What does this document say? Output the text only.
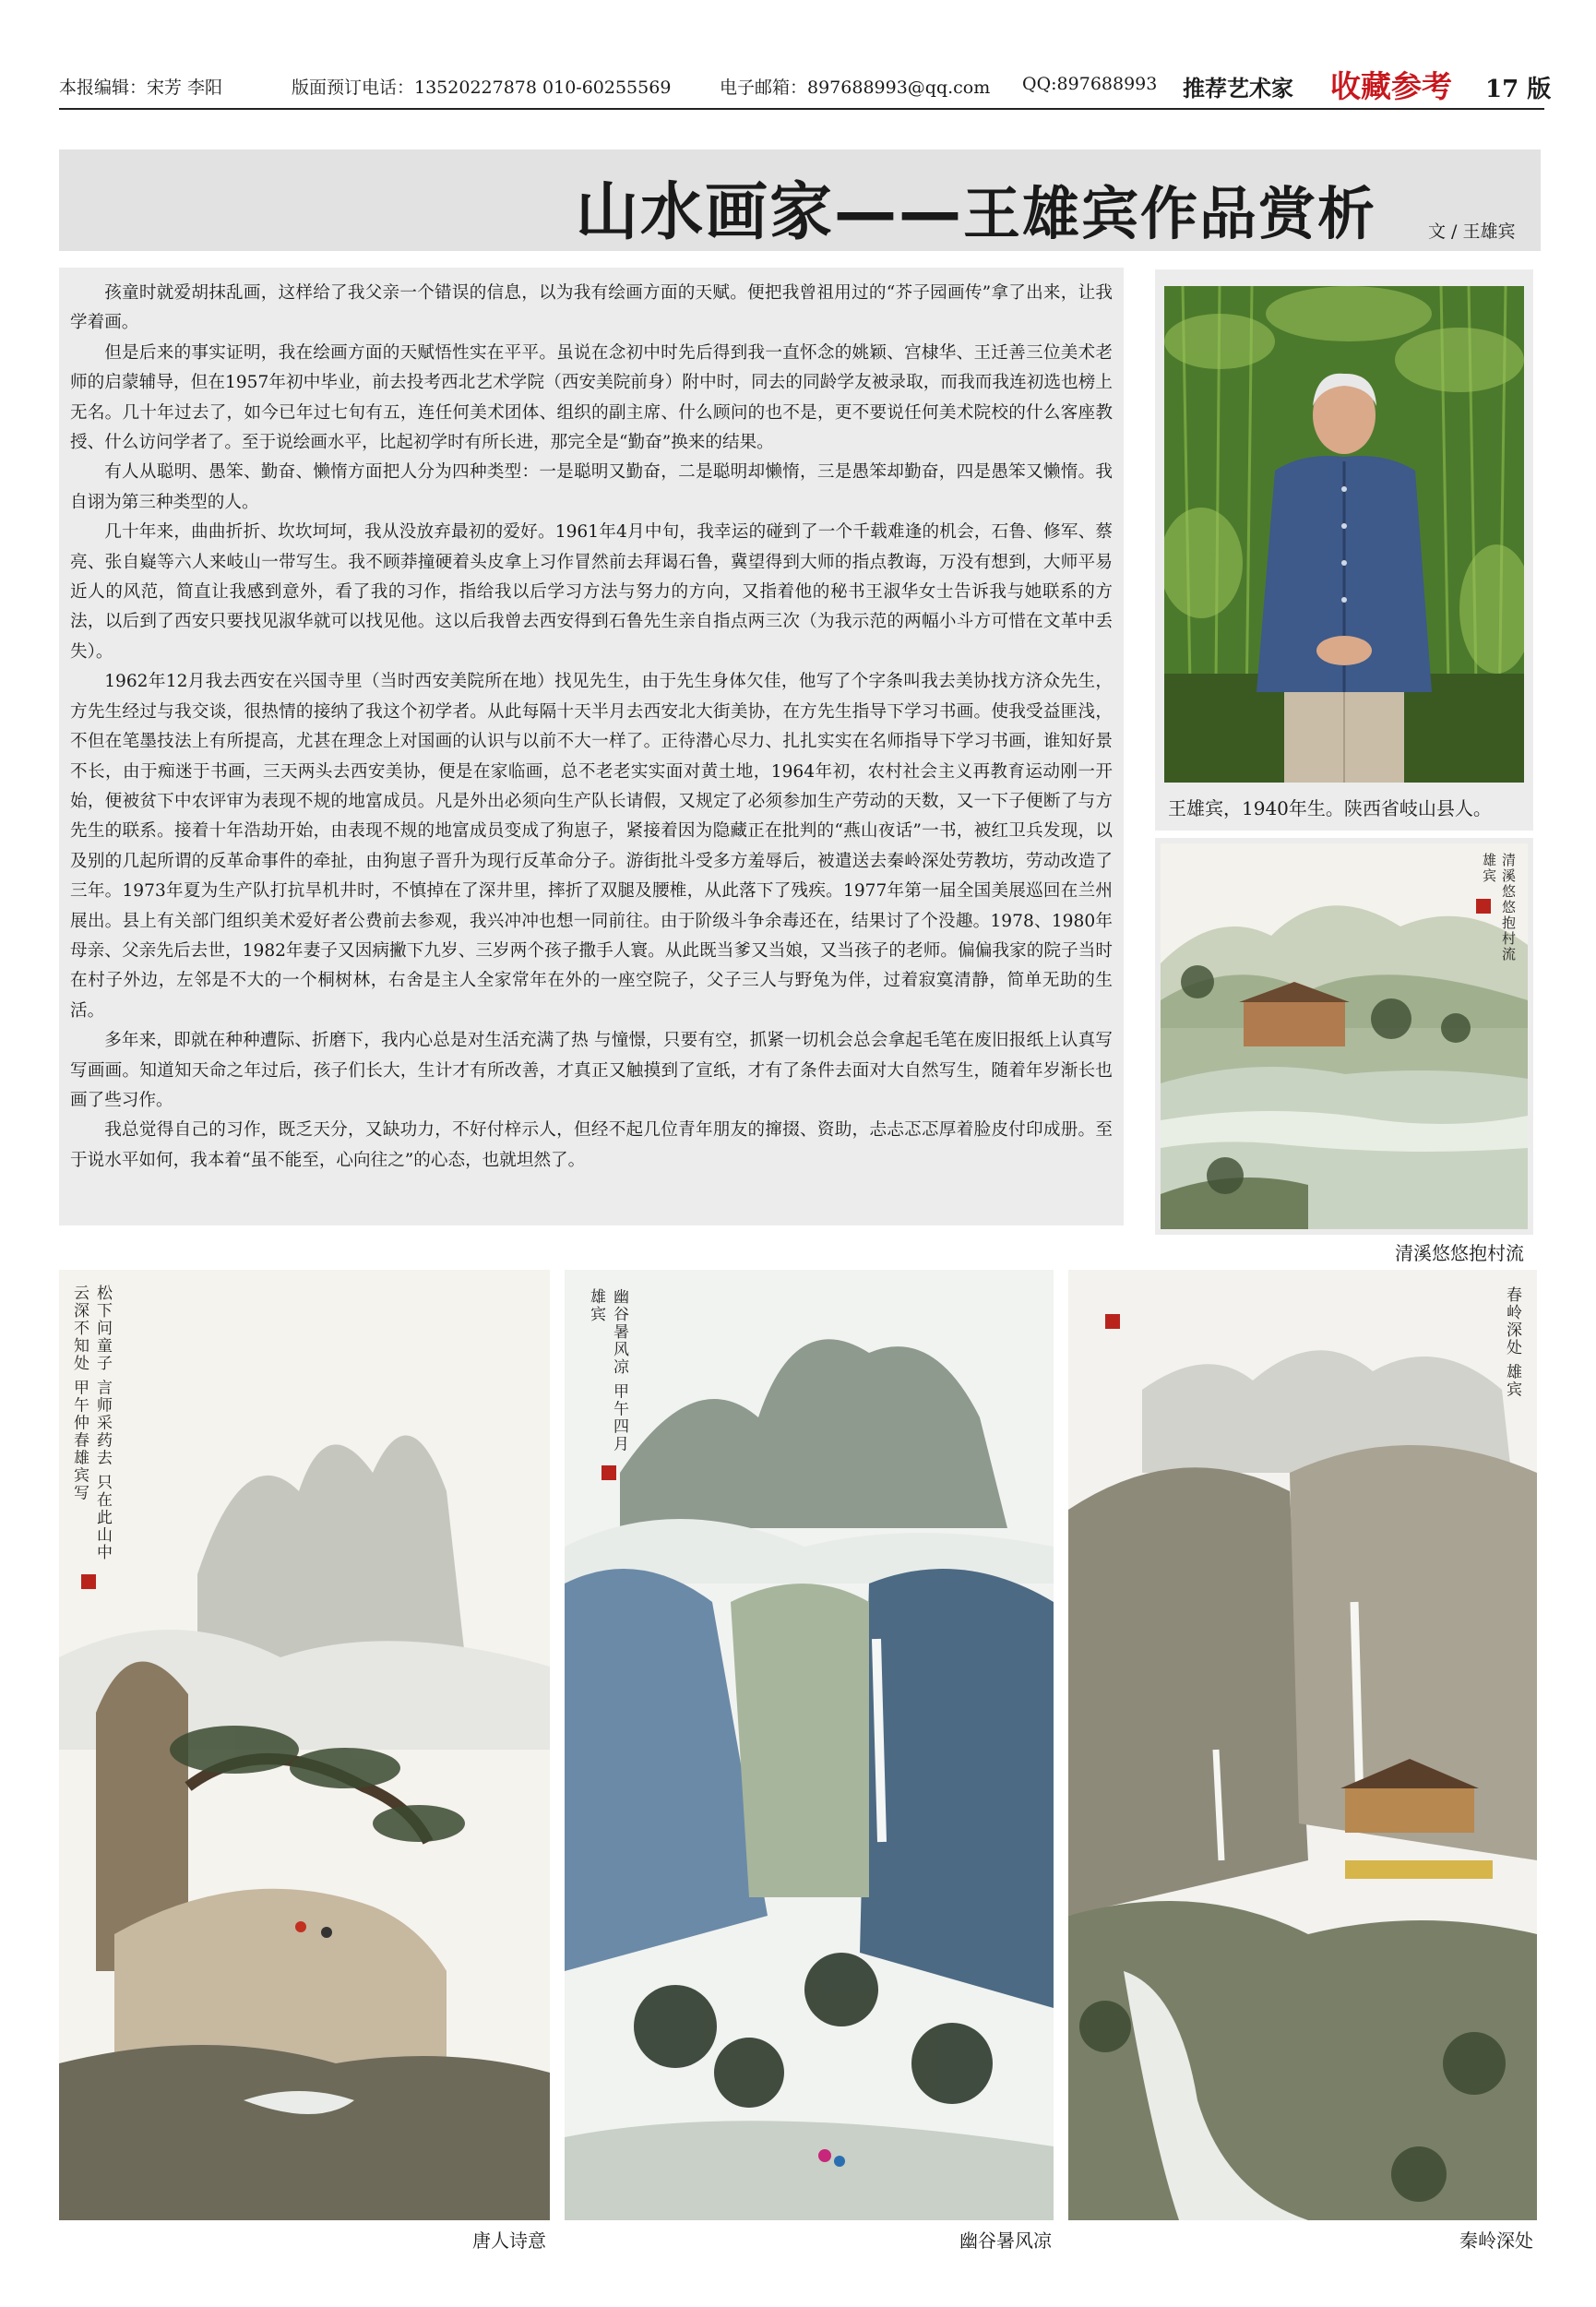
本报编辑：宋芳 李阳	版面预订电话：13520227878 010-60255569	电子邮箱：897688993@qq.com QQ:897688993 推荐艺术家 收藏参考 17 版
山水画家——王雄宾作品赏析	文 / 王雄宾

孩童时就爱胡抹乱画，这样给了我父亲一个错误的信息，以为我有绘画方面的天赋。便把我曾祖用过的“芥子园画传”拿了出来，让我学着画。

但是后来的事实证明，我在绘画方面的天赋悟性实在平平。虽说在念初中时先后得到我一直怀念的姚颖、宫棣华、王迁善三位美术老师的启蒙辅导，但在1957年初中毕业，前去投考西北艺术学院（西安美院前身）附中时，同去的同龄学友被录取，而我而我连初选也榜上无名。几十年过去了，如今已年过七旬有五，连任何美术团体、组织的副主席、什么顾问的也不是，更不要说任何美术院校的什么客座教授、什么访问学者了。至于说绘画水平，比起初学时有所长进，那完全是“勤奋”换来的结果。

有人从聪明、愚笨、勤奋、懒惰方面把人分为四种类型：一是聪明又勤奋，二是聪明却懒惰，三是愚笨却勤奋，四是愚笨又懒惰。我自诩为第三种类型的人。

几十年来，曲曲折折、坎坎坷坷，我从没放弃最初的爱好。1961年4月中旬，我幸运的碰到了一个千载难逢的机会，石鲁、修军、蔡亮、张自嶷等六人来岐山一带写生。我不顾莽撞硬着头皮拿上习作冒然前去拜谒石鲁，冀望得到大师的指点教诲，万没有想到，大师平易近人的风范，简直让我感到意外，看了我的习作，指给我以后学习方法与努力的方向，又指着他的秘书王淑华女士告诉我与她联系的方法，以后到了西安只要找见淑华就可以找见他。这以后我曾去西安得到石鲁先生亲自指点两三次（为我示范的两幅小斗方可惜在文革中丢失）。

1962年12月我去西安在兴国寺里（当时西安美院所在地）找见先生，由于先生身体欠佳，他写了个字条叫我去美协找方济众先生，方先生经过与我交谈，很热情的接纳了我这个初学者。从此每隔十天半月去西安北大街美协，在方先生指导下学习书画。使我受益匪浅，不但在笔墨技法上有所提高，尤甚在理念上对国画的认识与以前不大一样了。正待潜心尽力、扎扎实实在名师指导下学习书画，谁知好景不长，由于痴迷于书画，三天两头去西安美协，便是在家临画，总不老老实实面对黄土地，1964年初，农村社会主义再教育运动刚一开始，便被贫下中农评审为表现不规的地富成员。凡是外出必须向生产队长请假，又规定了必须参加生产劳动的天数，又一下子便断了与方先生的联系。接着十年浩劫开始，由表现不规的地富成员变成了狗崽子，紧接着因为隐藏正在批判的“燕山夜话”一书，被红卫兵发现，以及别的几起所谓的反革命事件的牵扯，由狗崽子晋升为现行反革命分子。游街批斗受多方羞辱后，被遣送去秦岭深处劳教坊，劳动改造了三年。1973年夏为生产队打抗旱机井时，不慎掉在了深井里，摔折了双腿及腰椎，从此落下了残疾。1977年第一届全国美展巡回在兰州展出。县上有关部门组织美术爱好者公费前去参观，我兴冲冲也想一同前往。由于阶级斗争余毒还在，结果讨了个没趣。1978、1980年母亲、父亲先后去世，1982年妻子又因病撇下九岁、三岁两个孩子撒手人寰。从此既当爹又当娘，又当孩子的老师。偏偏我家的院子当时在村子外边，左邻是不大的一个桐树林，右舍是主人全家常年在外的一座空院子，父子三人与野兔为伴，过着寂寞清静，简单无助的生活。

多年来，即就在种种遭际、折磨下，我内心总是对生活充满了热 与憧憬，只要有空，抓紧一切机会总会拿起毛笔在废旧报纸上认真写写画画。知道知天命之年过后，孩子们长大，生计才有所改善，才真正又触摸到了宣纸，才有了条件去面对大自然写生，随着年岁渐长也画了些习作。

我总觉得自己的习作，既乏天分，又缺功力，不好付梓示人，但经不起几位青年朋友的撺掇、资助，忐忐忑忑厚着脸皮付印成册。至于说水平如何，我本着“虽不能至，心向往之”的心态，也就坦然了。

王雄宾，1940年生。陕西省岐山县人。
清溪悠悠抱村流 雄宾
清溪悠悠抱村流
松下问童子 言师采药去 只在此山中 云深不知处 甲午仲春雄宾写
唐人诗意
幽谷暑风凉 甲午四月雄宾
幽谷暑风凉
春岭深处 雄宾
秦岭深处
